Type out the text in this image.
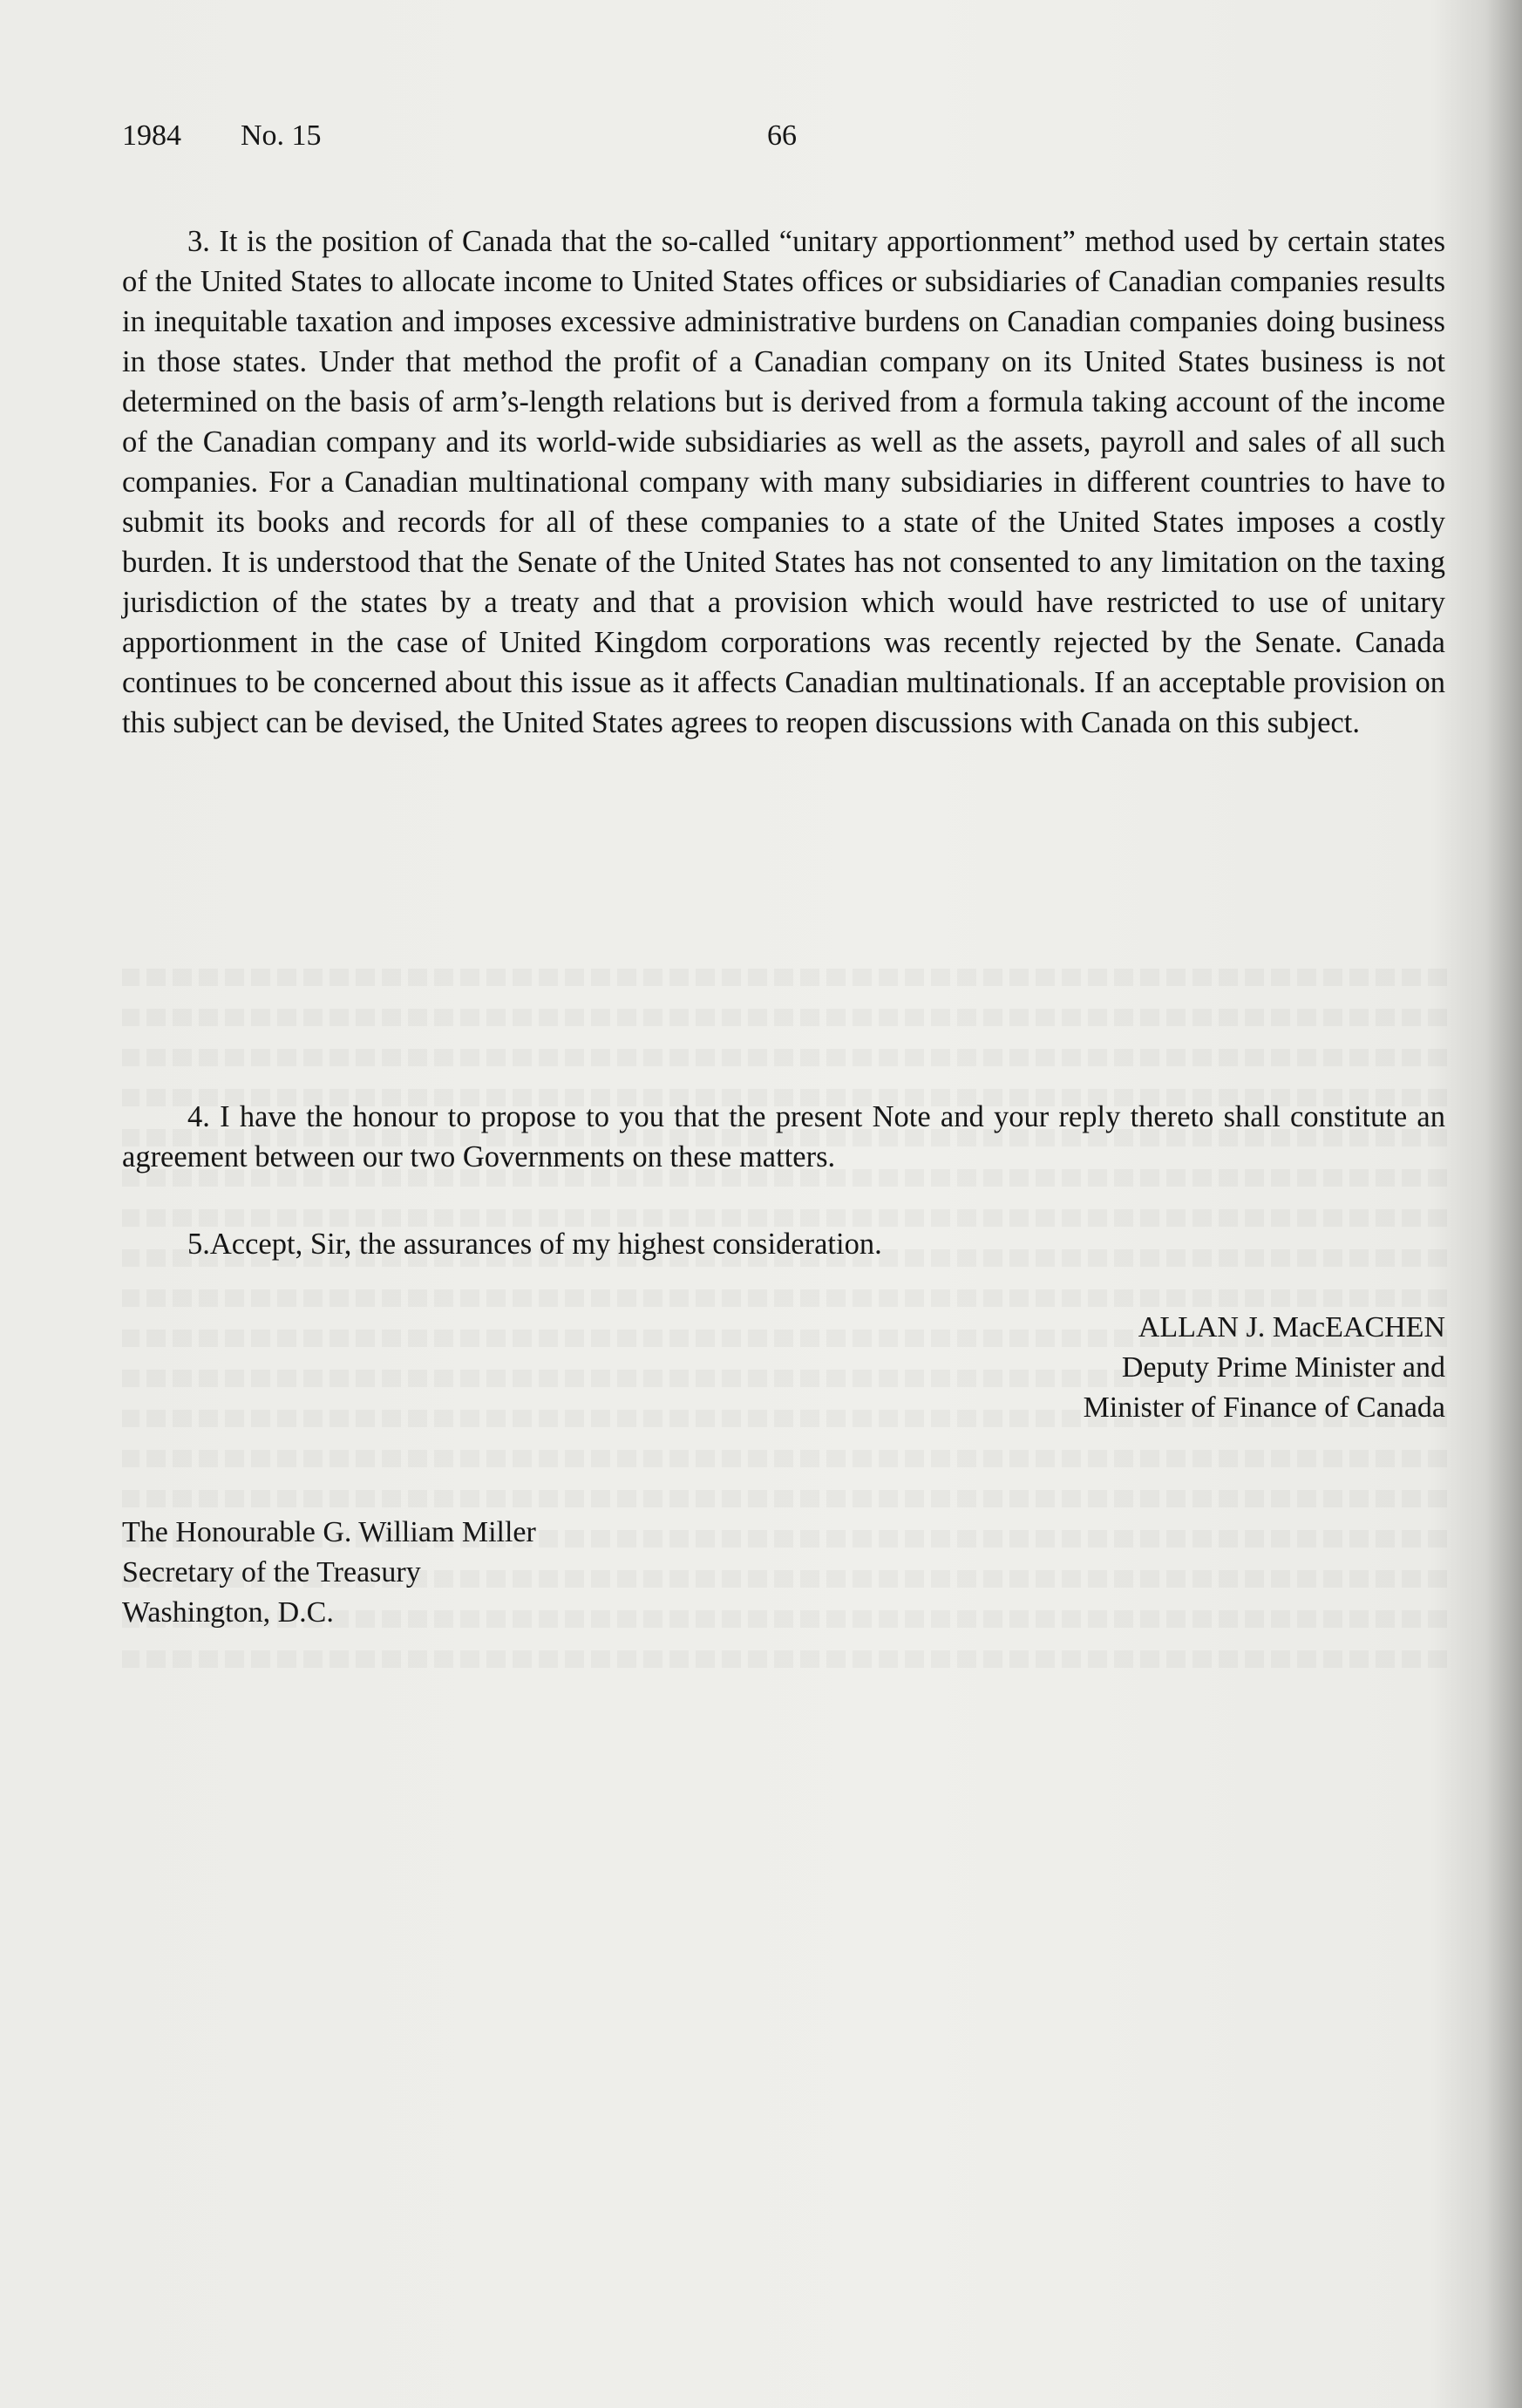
1984 No. 15	66

3. It is the position of Canada that the so-called “unitary apportionment” method used by certain states of the United States to allocate income to United States offices or subsidiaries of Canadian companies results in inequitable taxation and imposes excessive administrative burdens on Canadian companies doing business in those states. Under that method the profit of a Canadian company on its United States business is not determined on the basis of arm’s-length relations but is derived from a formula taking account of the income of the Canadian company and its world-wide subsidiaries as well as the assets, payroll and sales of all such companies. For a Canadian multinational company with many subsidiaries in different countries to have to submit its books and records for all of these companies to a state of the United States imposes a costly burden. It is understood that the Senate of the United States has not consented to any limitation on the taxing jurisdiction of the states by a treaty and that a provision which would have restricted to use of unitary apportionment in the case of United Kingdom corporations was recently rejected by the Senate. Canada continues to be concerned about this issue as it affects Canadian multinationals. If an acceptable provision on this subject can be devised, the United States agrees to reopen discussions with Canada on this subject.

4. I have the honour to propose to you that the present Note and your reply thereto shall constitute an agreement between our two Governments on these matters.

5.Accept, Sir, the assurances of my highest consideration.

ALLAN J. MacEACHEN
Deputy Prime Minister and
Minister of Finance of Canada
The Honourable G. William Miller
Secretary of the Treasury
Washington, D.C.
